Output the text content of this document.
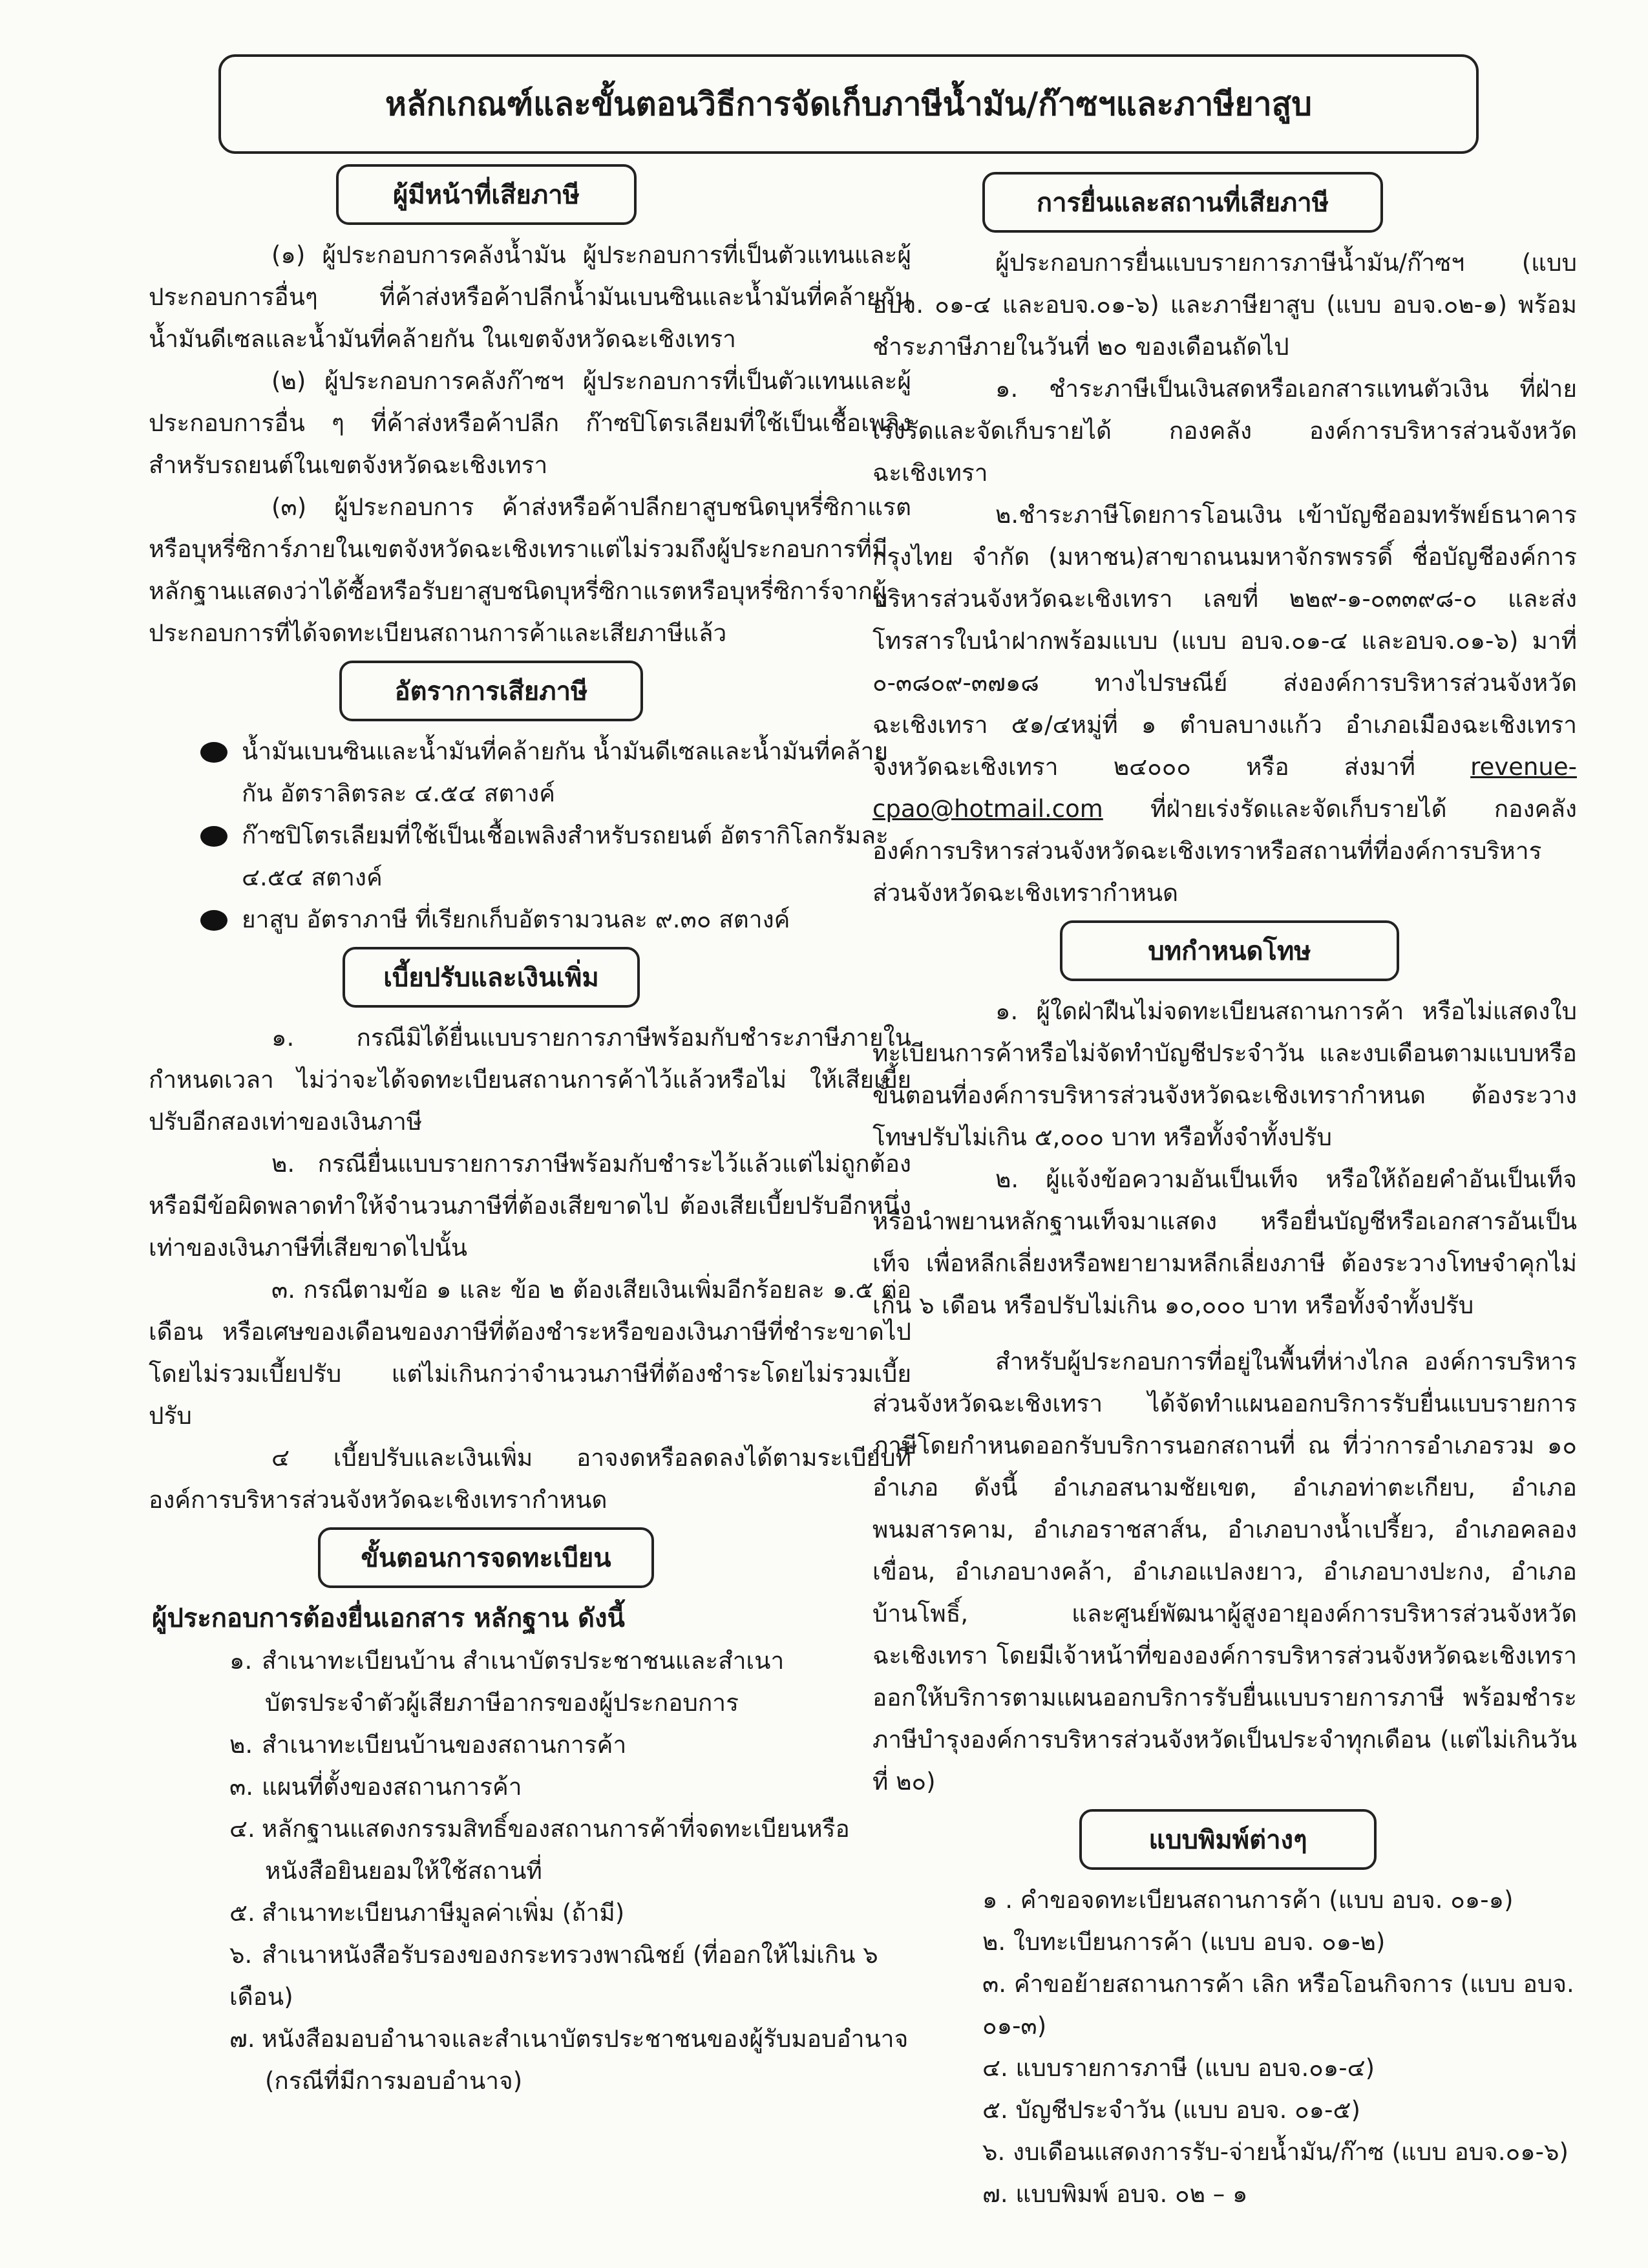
หลักเกณฑ์และขั้นตอนวิธีการจัดเก็บภาษีน้ำมัน/ก๊าซฯและภาษียาสูบ
ผู้มีหน้าที่เสียภาษี

(๑) ผู้ประกอบการคลังน้ำมัน ผู้ประกอบการที่เป็นตัวแทนและผู้ประกอบการอื่นๆ ที่ค้าส่งหรือค้าปลีกน้ำมันเบนซินและน้ำมันที่คล้ายกัน น้ำมันดีเซลและน้ำมันที่คล้ายกัน ในเขตจังหวัดฉะเชิงเทรา

(๒) ผู้ประกอบการคลังก๊าซฯ ผู้ประกอบการที่เป็นตัวแทนและผู้ประกอบการอื่น ๆ ที่ค้าส่งหรือค้าปลีก ก๊าซปิโตรเลียมที่ใช้เป็นเชื้อเพลิงสำหรับรถยนต์ในเขตจังหวัดฉะเชิงเทรา

(๓) ผู้ประกอบการ ค้าส่งหรือค้าปลีกยาสูบชนิดบุหรี่ซิกาแรตหรือบุหรี่ซิการ์ภายในเขตจังหวัดฉะเชิงเทราแต่ไม่รวมถึงผู้ประกอบการที่มีหลักฐานแสดงว่าได้ซื้อหรือรับยาสูบชนิดบุหรี่ซิกาแรตหรือบุหรี่ซิการ์จากผู้ประกอบการที่ได้จดทะเบียนสถานการค้าและเสียภาษีแล้ว

อัตราการเสียภาษี
น้ำมันเบนซินและน้ำมันที่คล้ายกัน น้ำมันดีเซลและน้ำมันที่คล้ายกัน อัตราลิตรละ ๔.๕๔ สตางค์
ก๊าซปิโตรเลียมที่ใช้เป็นเชื้อเพลิงสำหรับรถยนต์ อัตรากิโลกรัมละ ๔.๕๔ สตางค์
ยาสูบ อัตราภาษี ที่เรียกเก็บอัตรามวนละ ๙.๓๐ สตางค์
เบี้ยปรับและเงินเพิ่ม

๑. กรณีมิได้ยื่นแบบรายการภาษีพร้อมกับชำระภาษีภายในกำหนดเวลา ไม่ว่าจะได้จดทะเบียนสถานการค้าไว้แล้วหรือไม่ ให้เสียเบี้ยปรับอีกสองเท่าของเงินภาษี

๒. กรณียื่นแบบรายการภาษีพร้อมกับชำระไว้แล้วแต่ไม่ถูกต้อง หรือมีข้อผิดพลาดทำให้จำนวนภาษีที่ต้องเสียขาดไป ต้องเสียเบี้ยปรับอีกหนึ่งเท่าของเงินภาษีที่เสียขาดไปนั้น

๓. กรณีตามข้อ ๑ และ ข้อ ๒ ต้องเสียเงินเพิ่มอีกร้อยละ ๑.๕ ต่อเดือน หรือเศษของเดือนของภาษีที่ต้องชำระหรือของเงินภาษีที่ชำระขาดไป โดยไม่รวมเบี้ยปรับ แต่ไม่เกินกว่าจำนวนภาษีที่ต้องชำระโดยไม่รวมเบี้ยปรับ

๔ เบี้ยปรับและเงินเพิ่ม อาจงดหรือลดลงได้ตามระเบียบที่องค์การบริหารส่วนจังหวัดฉะเชิงเทรากำหนด

ขั้นตอนการจดทะเบียน

ผู้ประกอบการต้องยื่นเอกสาร หลักฐาน ดังนี้

๑. สำเนาทะเบียนบ้าน สำเนาบัตรประชาชนและสำเนา
บัตรประจำตัวผู้เสียภาษีอากรของผู้ประกอบการ
๒. สำเนาทะเบียนบ้านของสถานการค้า
๓. แผนที่ตั้งของสถานการค้า
๔. หลักฐานแสดงกรรมสิทธิ์ของสถานการค้าที่จดทะเบียนหรือ
หนังสือยินยอมให้ใช้สถานที่
๕. สำเนาทะเบียนภาษีมูลค่าเพิ่ม (ถ้ามี)
๖. สำเนาหนังสือรับรองของกระทรวงพาณิชย์ (ที่ออกให้ไม่เกิน ๖ เดือน)
๗. หนังสือมอบอำนาจและสำเนาบัตรประชาชนของผู้รับมอบอำนาจ
(กรณีที่มีการมอบอำนาจ)
การยื่นและสถานที่เสียภาษี

ผู้ประกอบการยื่นแบบรายการภาษีน้ำมัน/ก๊าซฯ (แบบ อบจ. ๐๑-๔ และอบจ.๐๑-๖) และภาษียาสูบ (แบบ อบจ.๐๒-๑) พร้อมชำระภาษีภายในวันที่ ๒๐ ของเดือนถัดไป

๑. ชำระภาษีเป็นเงินสดหรือเอกสารแทนตัวเงิน ที่ฝ่ายเร่งรัดและจัดเก็บรายได้ กองคลัง องค์การบริหารส่วนจังหวัดฉะเชิงเทรา

๒.ชำระภาษีโดยการโอนเงิน เข้าบัญชีออมทรัพย์ธนาคารกรุงไทย จำกัด (มหาชน)สาขาถนนมหาจักรพรรดิ์ ชื่อบัญชีองค์การบริหารส่วนจังหวัดฉะเชิงเทรา เลขที่ ๒๒๙-๑-๐๓๓๙๘-๐ และส่งโทรสารใบนำฝากพร้อมแบบ (แบบ อบจ.๐๑-๔ และอบจ.๐๑-๖) มาที่ ๐-๓๘๐๙-๓๗๑๘ ทางไปรษณีย์ ส่งองค์การบริหารส่วนจังหวัดฉะเชิงเทรา ๕๑/๔หมู่ที่ ๑ ตำบลบางแก้ว อำเภอเมืองฉะเชิงเทรา จังหวัดฉะเชิงเทรา ๒๔๐๐๐ หรือ ส่งมาที่ revenue-cpao@hotmail.com ที่ฝ่ายเร่งรัดและจัดเก็บรายได้ กองคลัง องค์การบริหารส่วนจังหวัดฉะเชิงเทราหรือสถานที่ที่องค์การบริหารส่วนจังหวัดฉะเชิงเทรากำหนด

บทกำหนดโทษ

๑. ผู้ใดฝ่าฝืนไม่จดทะเบียนสถานการค้า หรือไม่แสดงใบทะเบียนการค้าหรือไม่จัดทำบัญชีประจำวัน และงบเดือนตามแบบหรือขั้นตอนที่องค์การบริหารส่วนจังหวัดฉะเชิงเทรากำหนด ต้องระวางโทษปรับไม่เกิน ๕,๐๐๐ บาท หรือทั้งจำทั้งปรับ

๒. ผู้แจ้งข้อความอันเป็นเท็จ หรือให้ถ้อยคำอันเป็นเท็จ หรือนำพยานหลักฐานเท็จมาแสดง หรือยื่นบัญชีหรือเอกสารอันเป็นเท็จ เพื่อหลีกเลี่ยงหรือพยายามหลีกเลี่ยงภาษี ต้องระวางโทษจำคุกไม่เกิน ๖ เดือน หรือปรับไม่เกิน ๑๐,๐๐๐ บาท หรือทั้งจำทั้งปรับ

สำหรับผู้ประกอบการที่อยู่ในพื้นที่ห่างไกล องค์การบริหารส่วนจังหวัดฉะเชิงเทรา ได้จัดทำแผนออกบริการรับยื่นแบบรายการภาษีโดยกำหนดออกรับบริการนอกสถานที่ ณ ที่ว่าการอำเภอรวม ๑๐ อำเภอ ดังนี้ อำเภอสนามชัยเขต, อำเภอท่าตะเกียบ, อำเภอพนมสารคาม, อำเภอราชสาส์น, อำเภอบางน้ำเปรี้ยว, อำเภอคลองเขื่อน, อำเภอบางคล้า, อำเภอแปลงยาว, อำเภอบางปะกง, อำเภอบ้านโพธิ์, และศูนย์พัฒนาผู้สูงอายุองค์การบริหารส่วนจังหวัดฉะเชิงเทรา โดยมีเจ้าหน้าที่ขององค์การบริหารส่วนจังหวัดฉะเชิงเทราออกให้บริการตามแผนออกบริการรับยื่นแบบรายการภาษี พร้อมชำระภาษีบำรุงองค์การบริหารส่วนจังหวัดเป็นประจำทุกเดือน (แต่ไม่เกินวันที่ ๒๐)

แบบพิมพ์ต่างๆ
๑ . คำขอจดทะเบียนสถานการค้า (แบบ อบจ. ๐๑-๑)
๒. ใบทะเบียนการค้า (แบบ อบจ. ๐๑-๒)
๓. คำขอย้ายสถานการค้า เลิก หรือโอนกิจการ (แบบ อบจ. ๐๑-๓)
๔. แบบรายการภาษี (แบบ อบจ.๐๑-๔)
๕. บัญชีประจำวัน (แบบ อบจ. ๐๑-๕)
๖. งบเดือนแสดงการรับ-จ่ายน้ำมัน/ก๊าซ (แบบ อบจ.๐๑-๖)
๗. แบบพิมพ์ อบจ. ๐๒ – ๑
